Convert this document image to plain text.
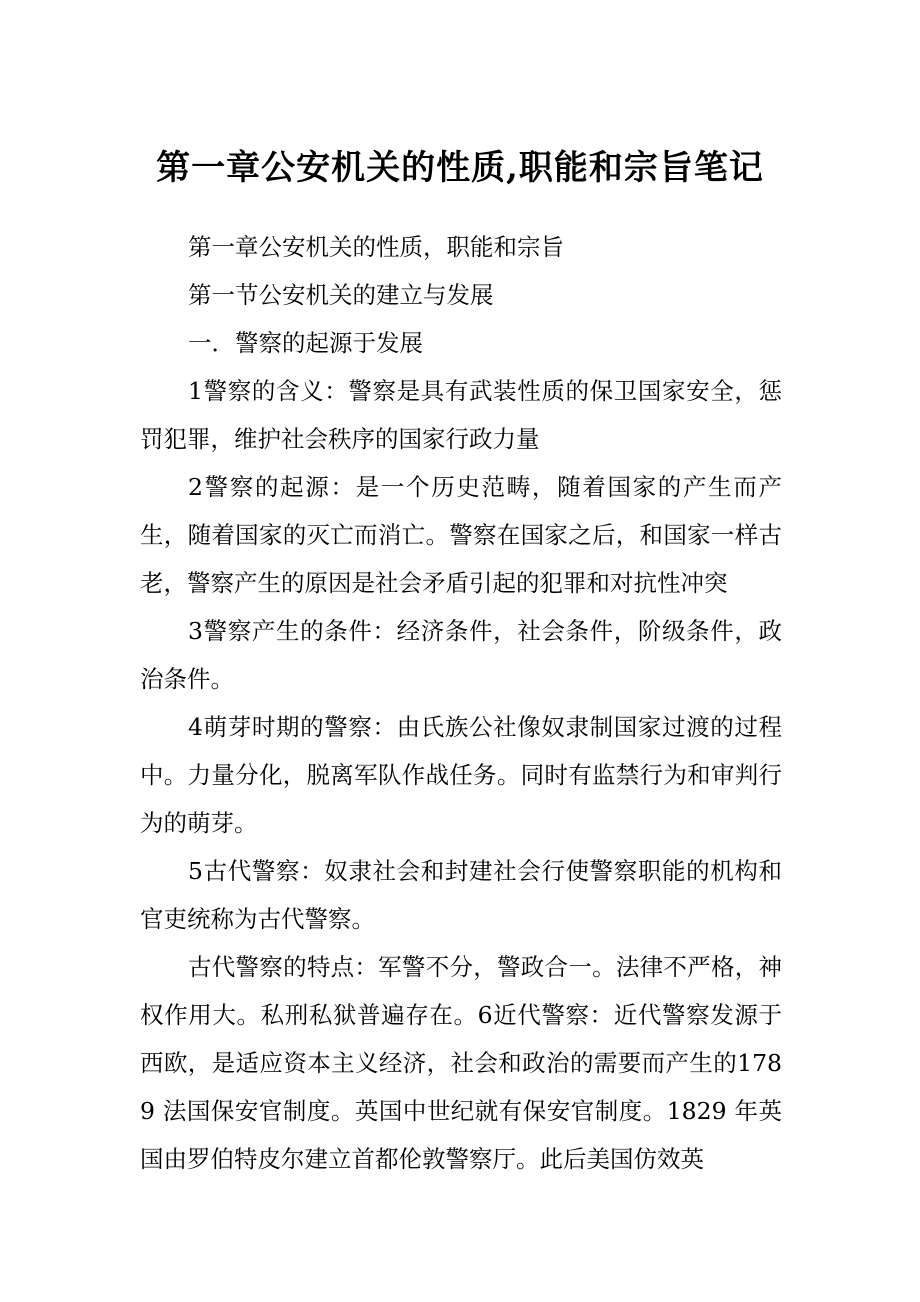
第一章公安机关的性质,职能和宗旨笔记

第一章公安机关的性质，职能和宗旨

第一节公安机关的建立与发展

一．警察的起源于发展

1警察的含义：警察是具有武装性质的保卫国家安全，惩罚犯罪，维护社会秩序的国家行政力量

2警察的起源：是一个历史范畴，随着国家的产生而产生，随着国家的灭亡而消亡。警察在国家之后，和国家一样古老，警察产生的原因是社会矛盾引起的犯罪和对抗性冲突

3警察产生的条件：经济条件，社会条件，阶级条件，政治条件。

4萌芽时期的警察：由氏族公社像奴隶制国家过渡的过程中。力量分化，脱离军队作战任务。同时有监禁行为和审判行为的萌芽。

5古代警察：奴隶社会和封建社会行使警察职能的机构和官吏统称为古代警察。

古代警察的特点：军警不分，警政合一。法律不严格，神权作用大。私刑私狱普遍存在。6近代警察：近代警察发源于西欧，是适应资本主义经济，社会和政治的需要而产生的1789 法国保安官制度。英国中世纪就有保安官制度。1829 年英国由罗伯特皮尔建立首都伦敦警察厅。此后美国仿效英
